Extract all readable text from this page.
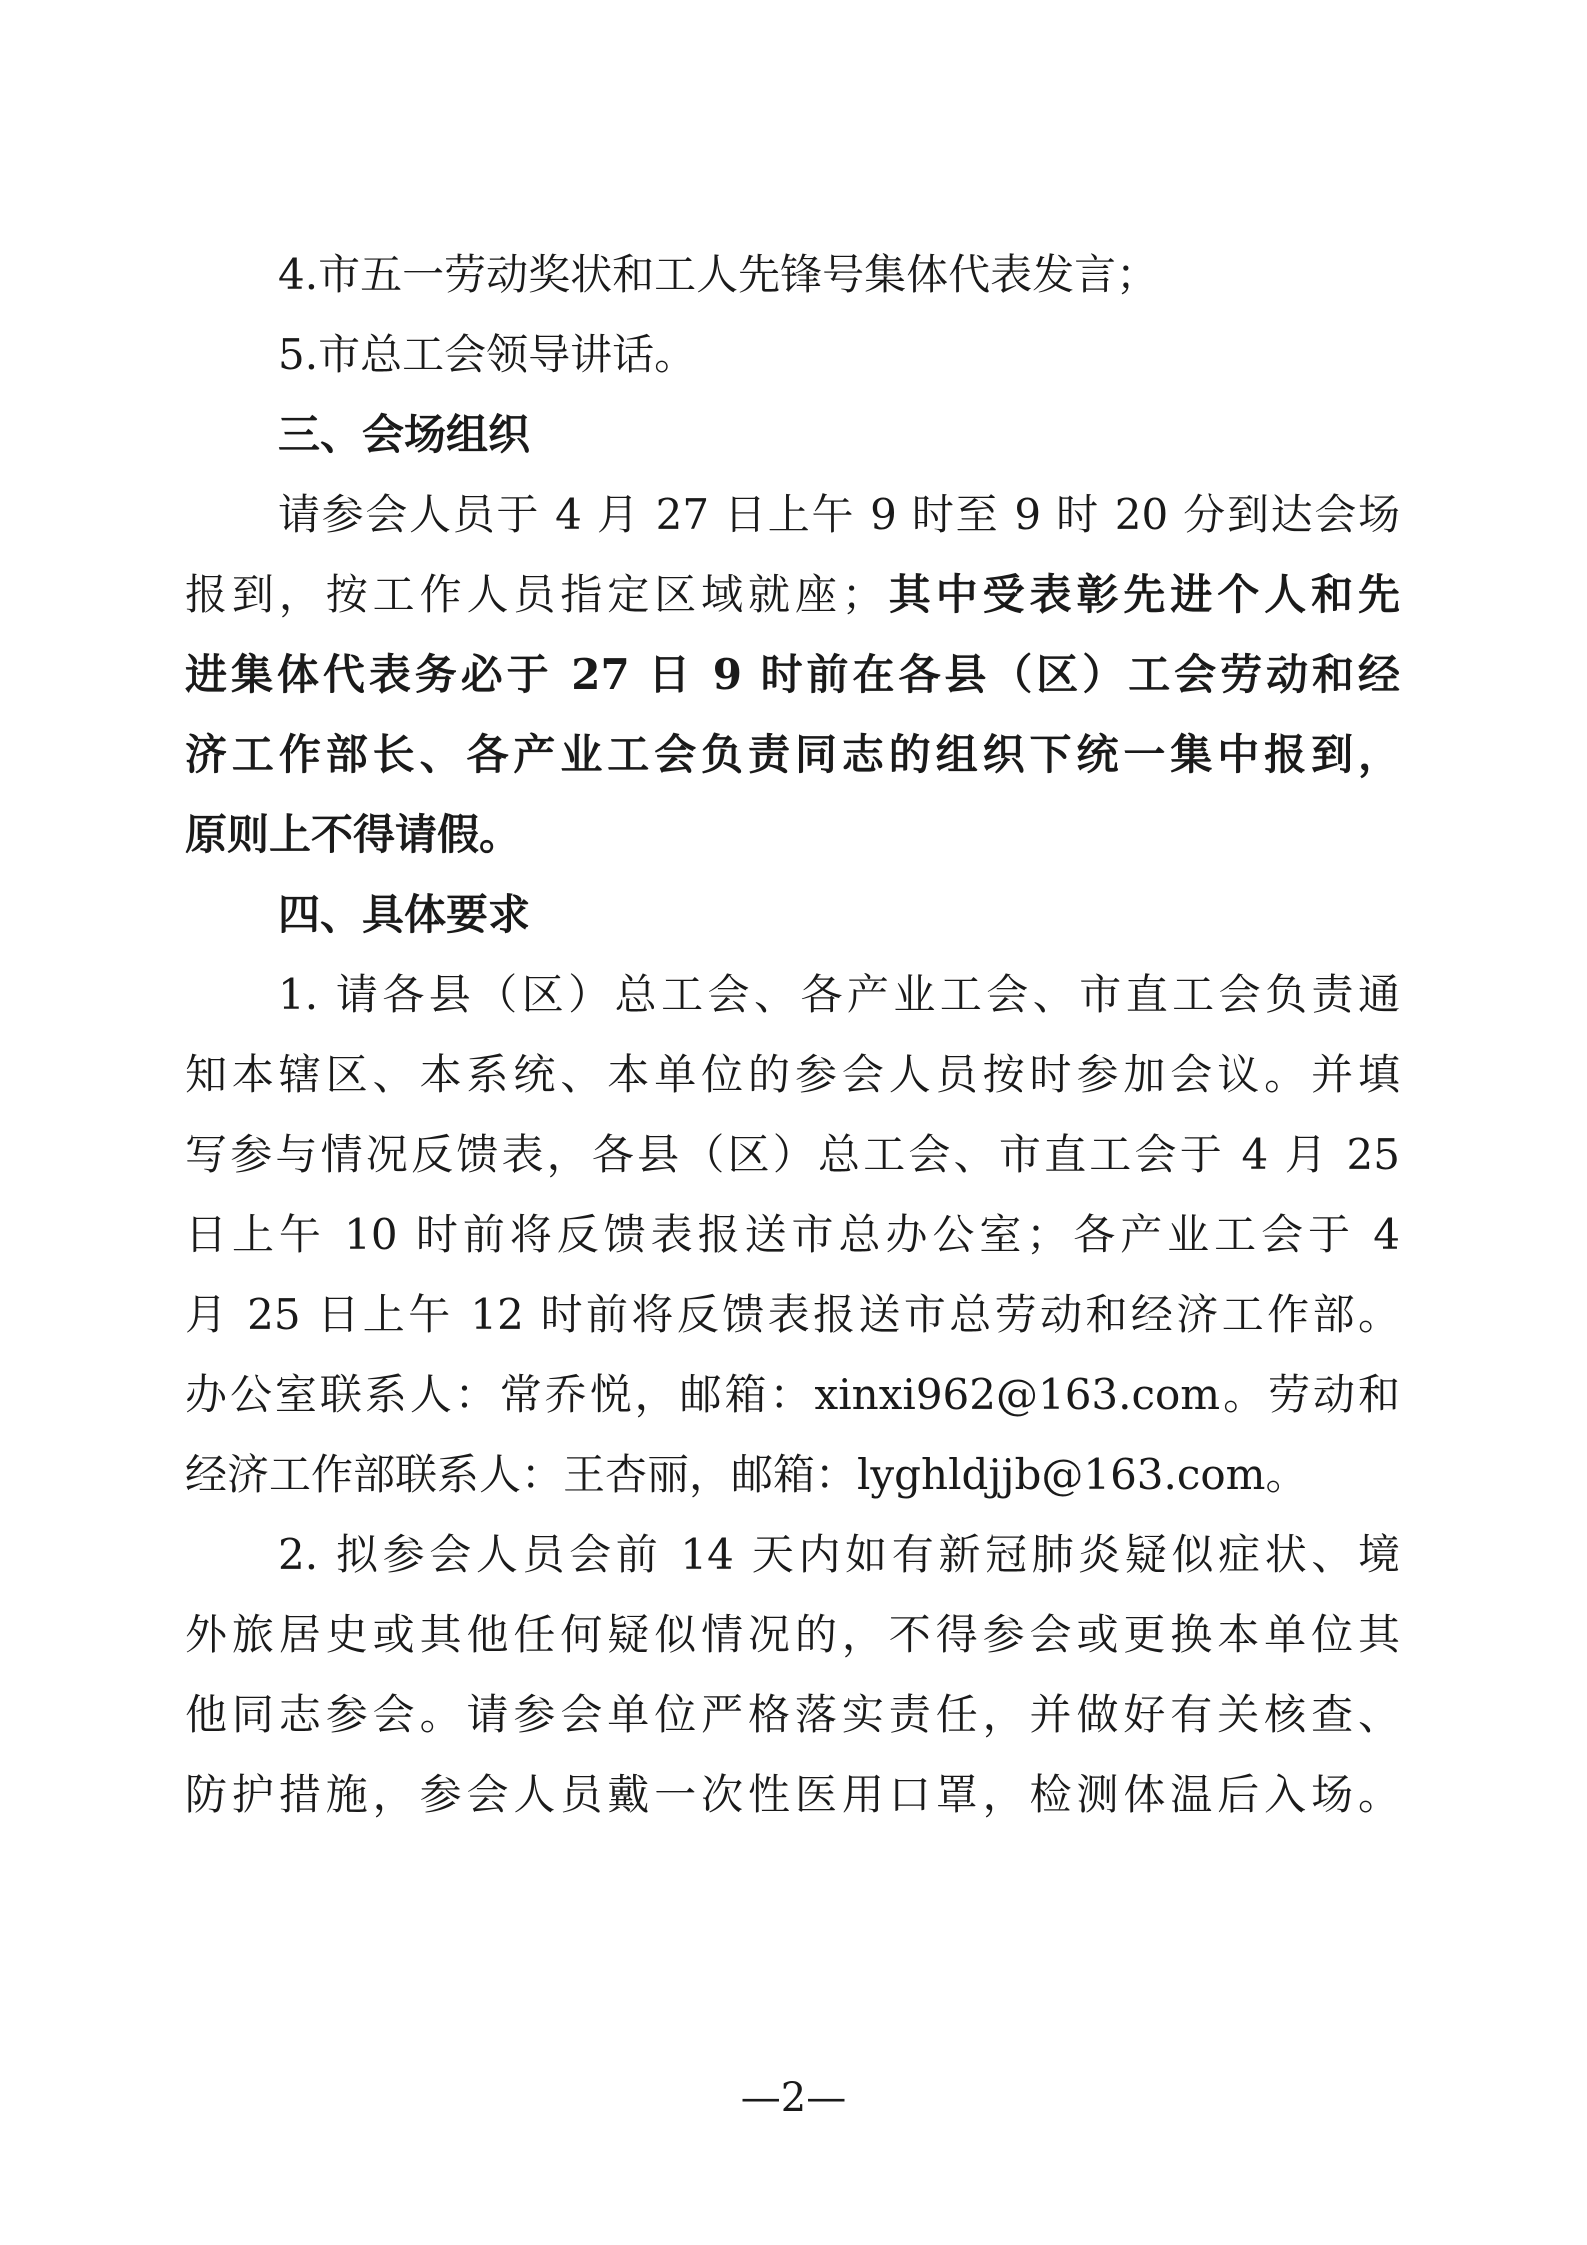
4.市五一劳动奖状和工人先锋号集体代表发言；
5.市总工会领导讲话。
三、会场组织
请参会人员于 4 月 27 日上午 9 时至 9 时 20 分到达会场
报到，按工作人员指定区域就座；其中受表彰先进个人和先
进集体代表务必于 27 日 9 时前在各县（区）工会劳动和经
济工作部长、各产业工会负责同志的组织下统一集中报到，
原则上不得请假。
四、具体要求
1. 请各县（区）总工会、各产业工会、市直工会负责通
知本辖区、本系统、本单位的参会人员按时参加会议。并填
写参与情况反馈表，各县（区）总工会、市直工会于 4 月 25
日上午 10 时前将反馈表报送市总办公室；各产业工会于 4
月 25 日上午 12 时前将反馈表报送市总劳动和经济工作部。
办公室联系人：常乔悦，邮箱：xinxi962@163.com。劳动和
经济工作部联系人：王杏丽，邮箱：lyghldjjb@163.com。
2. 拟参会人员会前 14 天内如有新冠肺炎疑似症状、境
外旅居史或其他任何疑似情况的，不得参会或更换本单位其
他同志参会。请参会单位严格落实责任，并做好有关核查、
防护措施，参会人员戴一次性医用口罩，检测体温后入场。
—2—
